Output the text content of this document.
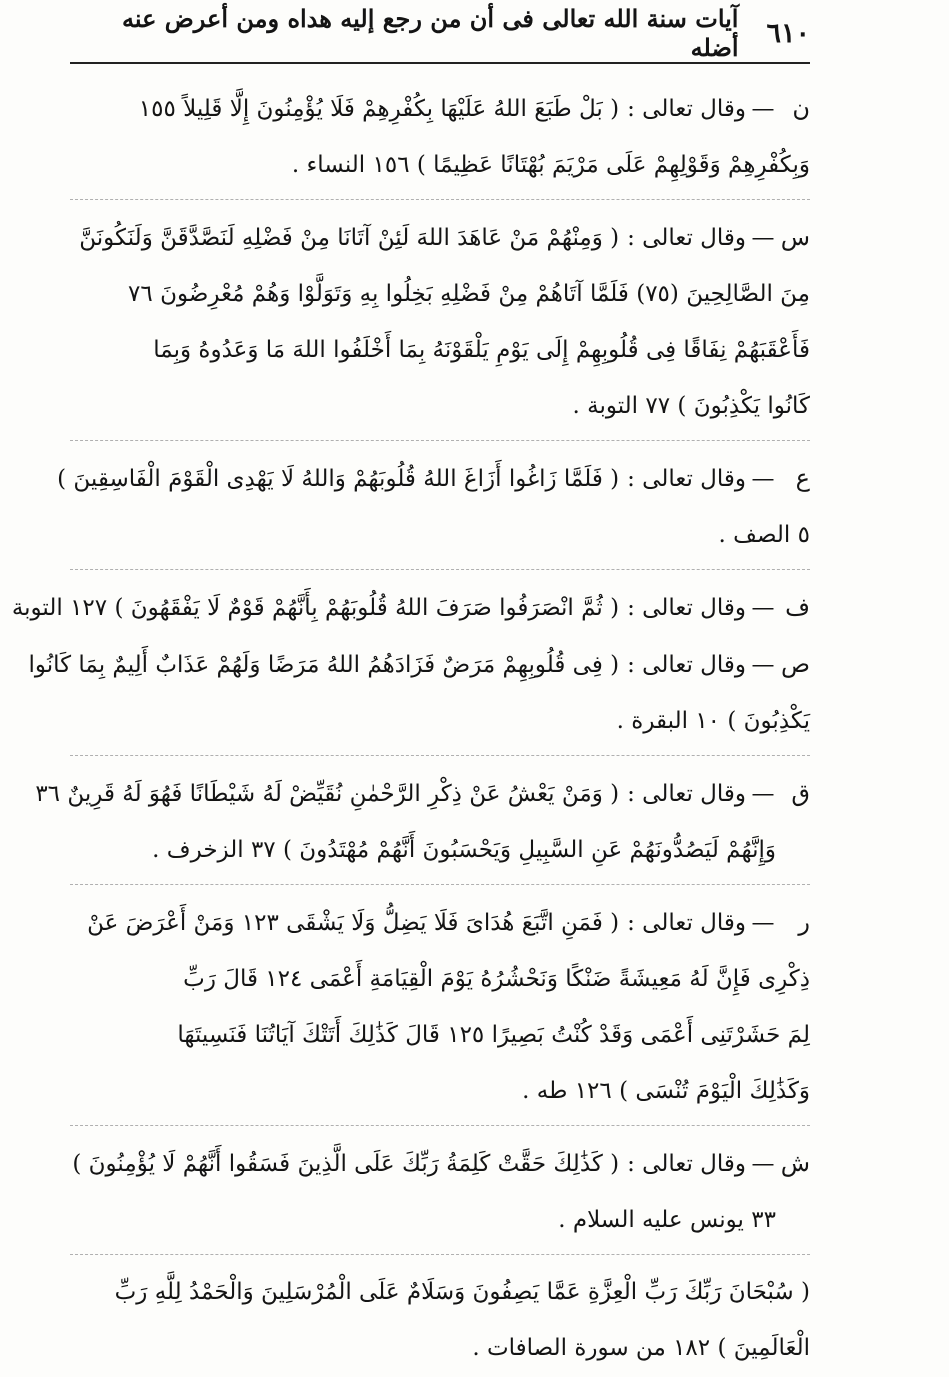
٦١٠
آيات سنة الله تعالى فى أن من رجع إليه هداه ومن أعرض عنه أضله
ن
—
وقال تعالى :
( بَلْ طَبَعَ اللهُ عَلَيْهَا بِكُفْرِهِمْ فَلَا يُؤْمِنُونَ إِلَّا قَلِيلاً ١٥٥
وَبِكُفْرِهِمْ وَقَوْلِهِمْ عَلَى مَرْيَمَ بُهْتَانًا عَظِيمًا ) ١٥٦ النساء .
س
—
وقال تعالى :
( وَمِنْهُمْ مَنْ عَاهَدَ اللهَ لَئِنْ آتَانَا مِنْ فَضْلِهِ لَنَصَّدَّقَنَّ وَلَنَكُونَنَّ
مِنَ الصَّالِحِينَ (٧٥) فَلَمَّا آتَاهُمْ مِنْ فَضْلِهِ بَخِلُوا بِهِ وَتَوَلَّوْا وَهُمْ مُعْرِضُونَ ٧٦
فَأَعْقَبَهُمْ نِفَاقًا فِى قُلُوبِهِمْ إِلَى يَوْمِ يَلْقَوْنَهُ بِمَا أَخْلَفُوا اللهَ مَا وَعَدُوهُ وَبِمَا
كَانُوا يَكْذِبُونَ ) ٧٧ التوبة .
ع
—
وقال تعالى :
( فَلَمَّا زَاغُوا أَزَاغَ اللهُ قُلُوبَهُمْ وَاللهُ لَا يَهْدِى الْقَوْمَ الْفَاسِقِينَ )
٥ الصف .
ف
—
وقال تعالى :
( ثُمَّ انْصَرَفُوا صَرَفَ اللهُ قُلُوبَهُمْ بِأَنَّهُمْ قَوْمٌ لَا يَفْقَهُونَ ) ١٢٧ التوبة
ص
—
وقال تعالى :
( فِى قُلُوبِهِمْ مَرَضٌ فَزَادَهُمُ اللهُ مَرَضًا وَلَهُمْ عَذَابٌ أَلِيمٌ بِمَا كَانُوا
يَكْذِبُونَ ) ١٠ البقرة .
ق
—
وقال تعالى :
( وَمَنْ يَعْشُ عَنْ ذِكْرِ الرَّحْمٰنِ نُقَيِّضْ لَهُ شَيْطَانًا فَهُوَ لَهُ قَرِينٌ ٣٦
وَإِنَّهُمْ لَيَصُدُّونَهُمْ عَنِ السَّبِيلِ وَيَحْسَبُونَ أَنَّهُمْ مُهْتَدُونَ ) ٣٧ الزخرف .
ر
—
وقال تعالى :
( فَمَنِ اتَّبَعَ هُدَاىَ فَلَا يَضِلُّ وَلَا يَشْقَى ١٢٣ وَمَنْ أَعْرَضَ عَنْ
ذِكْرِى فَإِنَّ لَهُ مَعِيشَةً ضَنْكًا وَنَحْشُرُهُ يَوْمَ الْقِيَامَةِ أَعْمَى ١٢٤ قَالَ رَبِّ
لِمَ حَشَرْتَنِى أَعْمَى وَقَدْ كُنْتُ بَصِيرًا ١٢٥ قَالَ كَذَٰلِكَ أَتَتْكَ آيَاتُنَا فَنَسِيتَهَا
وَكَذَٰلِكَ الْيَوْمَ تُنْسَى ) ١٢٦ طه .
ش
—
وقال تعالى :
( كَذَٰلِكَ حَقَّتْ كَلِمَةُ رَبِّكَ عَلَى الَّذِينَ فَسَقُوا أَنَّهُمْ لَا يُؤْمِنُونَ )
٣٣ يونس عليه السلام .
( سُبْحَانَ رَبِّكَ رَبِّ الْعِزَّةِ عَمَّا يَصِفُونَ وَسَلَامٌ عَلَى الْمُرْسَلِينَ وَالْحَمْدُ لِلَّهِ رَبِّ
الْعَالَمِينَ ) ١٨٢ من سورة الصافات .
